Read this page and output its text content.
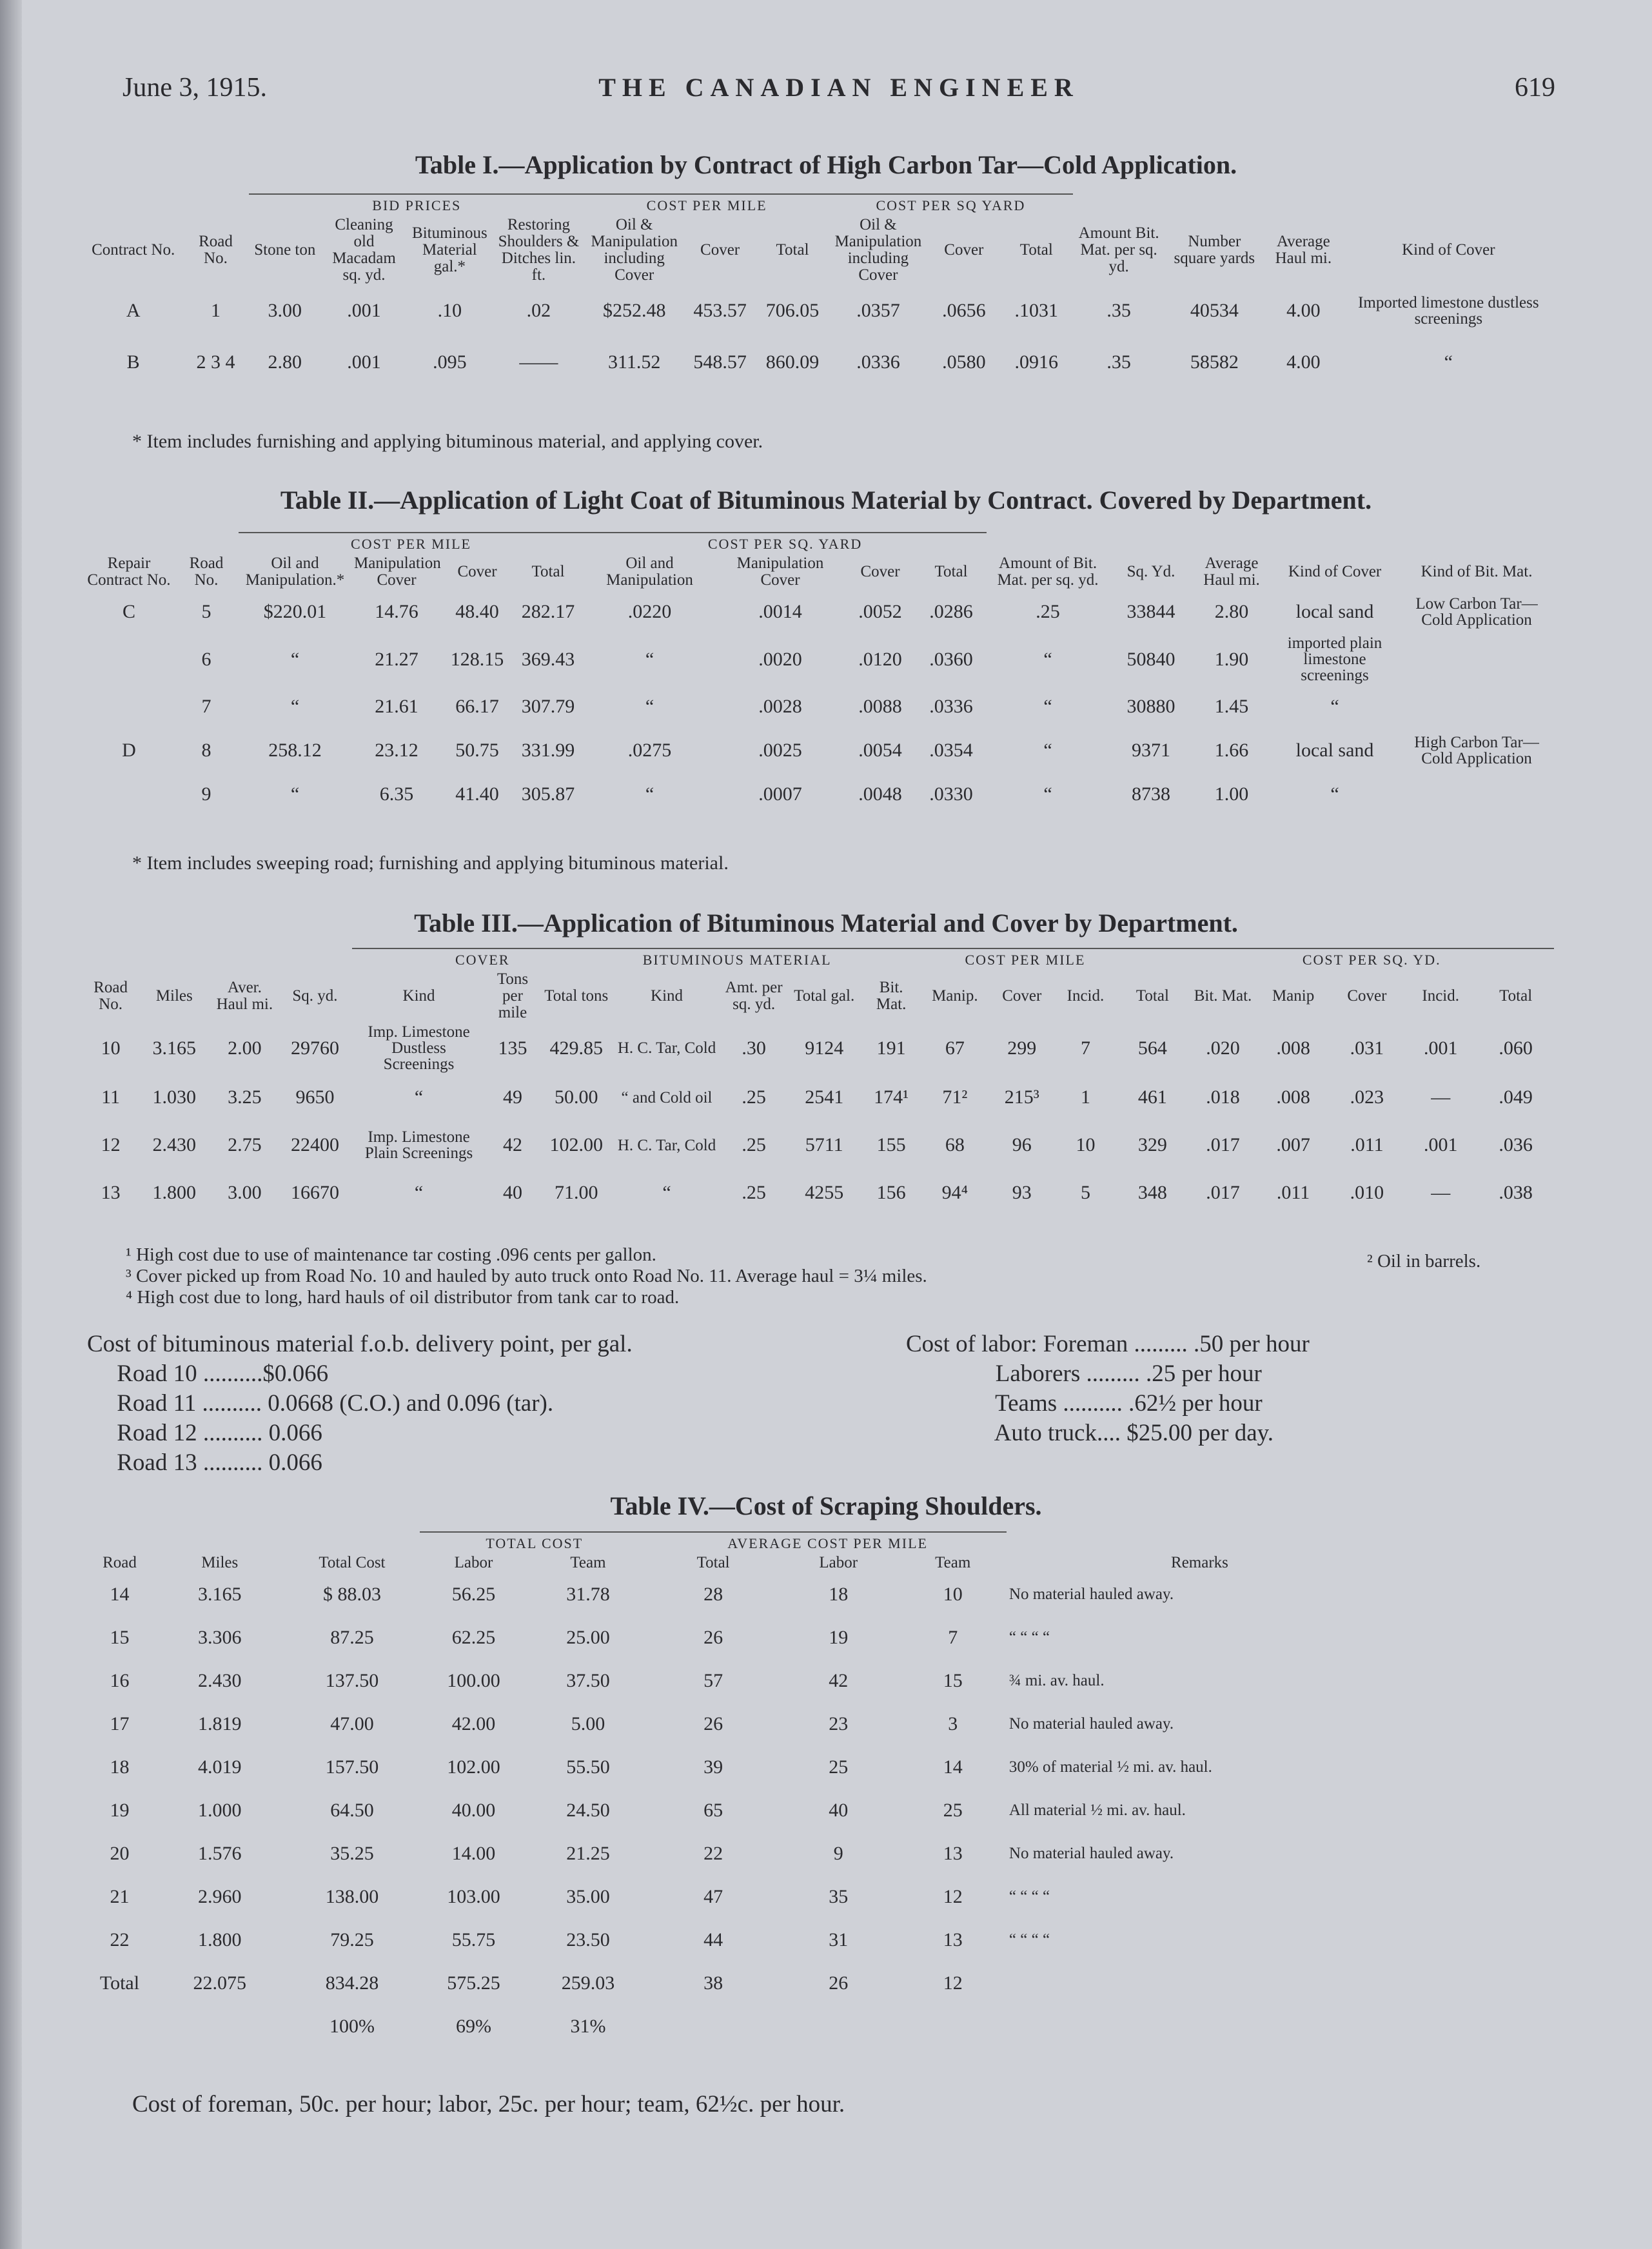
June 3, 1915.	THE CANADIAN ENGINEER	619
Table I.—Application by Contract of High Carbon Tar—Cold Application.
		BID PRICES				COST PER MILE			COST PER SQ YARD						
Contract No.	Road No.	Stone ton	Cleaning old Macadam sq. yd.	Bituminous Material gal.*	Restoring Shoulders & Ditches lin. ft.	Oil & Manipulation including Cover	Cover	Total	Oil & Manipulation including Cover	Cover	Total	Amount Bit. Mat. per sq. yd.	Number square yards	Average Haul mi.	Kind of Cover
A	1	3.00	.001	.10	.02	$252.48	453.57	706.05	.0357	.0656	.1031	.35	40534	4.00	Imported limestone dustless screenings
B	2 3 4	2.80	.001	.095	——	311.52	548.57	860.09	.0336	.0580	.0916	.35	58582	4.00	“
* Item includes furnishing and applying bituminous material, and applying cover.
Table II.—Application of Light Coat of Bituminous Material by Contract. Covered by Department.
		COST PER MILE				COST PER SQ. YARD								
Repair Contract No.	Road No.	Oil and Manipulation.*	Manipulation Cover	Cover	Total	Oil and Manipulation	Manipulation Cover	Cover	Total	Amount of Bit. Mat. per sq. yd.	Sq. Yd.	Average Haul mi.	Kind of Cover	Kind of Bit. Mat.
C	5	$220.01	14.76	48.40	282.17	.0220	.0014	.0052	.0286	.25	33844	2.80	local sand	Low Carbon Tar—Cold Application
	6	“	21.27	128.15	369.43	“	.0020	.0120	.0360	“	50840	1.90	imported plain limestone screenings	
	7	“	21.61	66.17	307.79	“	.0028	.0088	.0336	“	30880	1.45	“	
D	8	258.12	23.12	50.75	331.99	.0275	.0025	.0054	.0354	“	9371	1.66	local sand	High Carbon Tar—Cold Application
	9	“	6.35	41.40	305.87	“	.0007	.0048	.0330	“	8738	1.00	“	
* Item includes sweeping road; furnishing and applying bituminous material.
Table III.—Application of Bituminous Material and Cover by Department.
				COVER			BITUMINOUS MATERIAL			COST PER MILE					COST PER SQ. YD.				
Road No.	Miles	Aver. Haul mi.	Sq. yd.	Kind	Tons per mile	Total tons	Kind	Amt. per sq. yd.	Total gal.	Bit. Mat.	Manip.	Cover	Incid.	Total	Bit. Mat.	Manip	Cover	Incid.	Total
10	3.165	2.00	29760	Imp. Limestone Dustless Screenings	135	429.85	H. C. Tar, Cold	.30	9124	191	67	299	7	564	.020	.008	.031	.001	.060
11	1.030	3.25	9650	“	49	50.00	“ and Cold oil	.25	2541	174¹	71²	215³	1	461	.018	.008	.023	—	.049
12	2.430	2.75	22400	Imp. Limestone Plain Screenings	42	102.00	H. C. Tar, Cold	.25	5711	155	68	96	10	329	.017	.007	.011	.001	.036
13	1.800	3.00	16670	“	40	71.00	“	.25	4255	156	94⁴	93	5	348	.017	.011	.010	—	.038
¹ High cost due to use of maintenance tar costing .096 cents per gallon.
³ Cover picked up from Road No. 10 and hauled by auto truck onto Road No. 11. Average haul = 3¼ miles.
⁴ High cost due to long, hard hauls of oil distributor from tank car to road.
² Oil in barrels.
Cost of bituminous material f.o.b. delivery point, per gal.
Road 10 ..........$0.066
Road 11 .......... 0.0668 (C.O.) and 0.096 (tar).
Road 12 .......... 0.066
Road 13 .......... 0.066
Cost of labor: Foreman ......... .50 per hour
Laborers ......... .25 per hour
Teams .......... .62½ per hour
Auto truck.... $25.00 per day.
Table IV.—Cost of Scraping Shoulders.
			TOTAL COST		AVERAGE COST PER MILE			
Road	Miles	Total Cost	Labor	Team	Total	Labor	Team	Remarks
14	3.165	$ 88.03	56.25	31.78	28	18	10	No material hauled away.
15	3.306	87.25	62.25	25.00	26	19	7	“ “ “ “
16	2.430	137.50	100.00	37.50	57	42	15	¾ mi. av. haul.
17	1.819	47.00	42.00	5.00	26	23	3	No material hauled away.
18	4.019	157.50	102.00	55.50	39	25	14	30% of material ½ mi. av. haul.
19	1.000	64.50	40.00	24.50	65	40	25	All material ½ mi. av. haul.
20	1.576	35.25	14.00	21.25	22	9	13	No material hauled away.
21	2.960	138.00	103.00	35.00	47	35	12	“ “ “ “
22	1.800	79.25	55.75	23.50	44	31	13	“ “ “ “
Total	22.075	834.28	575.25	259.03	38	26	12	
		100%	69%	31%				
Cost of foreman, 50c. per hour; labor, 25c. per hour; team, 62½c. per hour.
